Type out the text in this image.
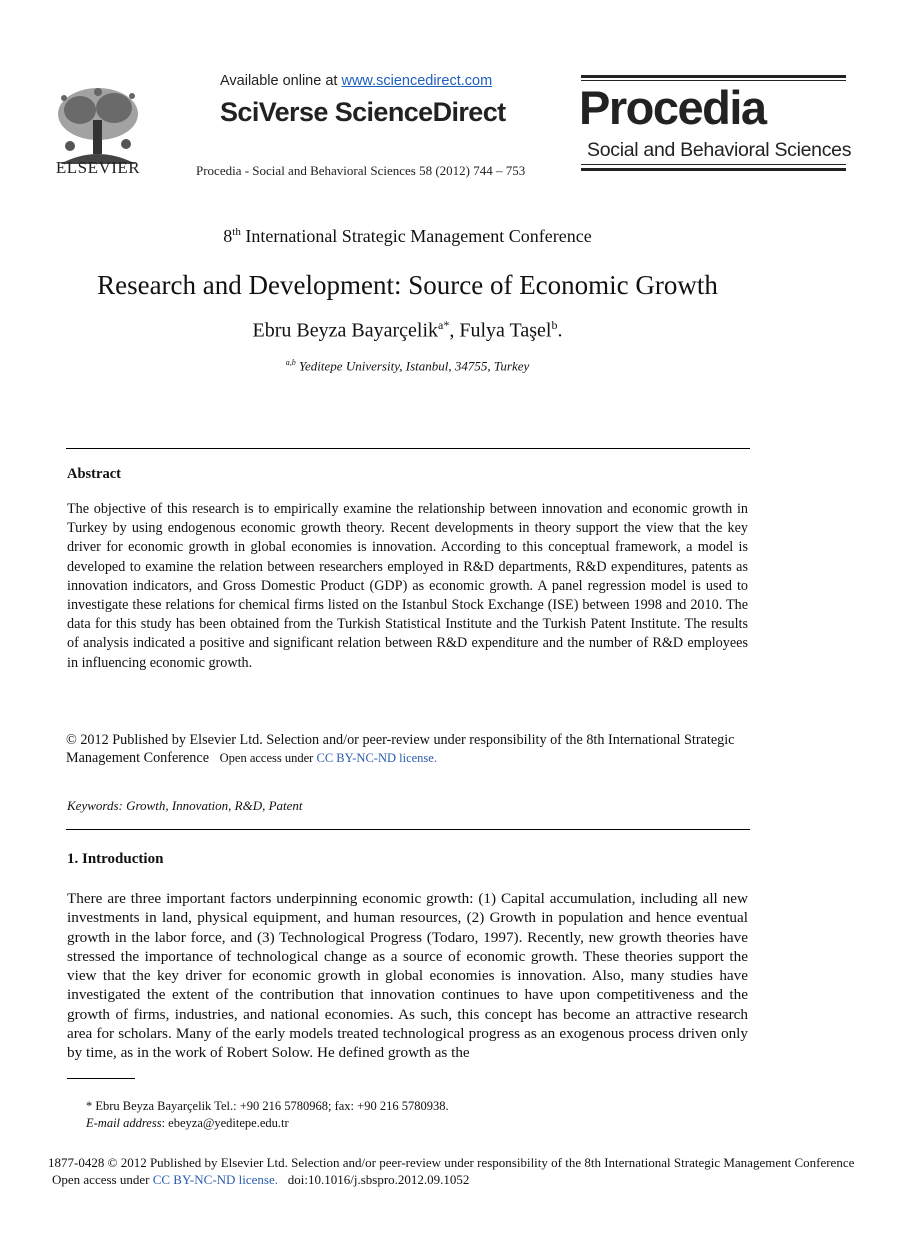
ELSEVIER
Available online at www.sciencedirect.com
SciVerse ScienceDirect
Procedia - Social and Behavioral Sciences 58 (2012) 744 – 753
Procedia
Social and Behavioral Sciences
8th International Strategic Management Conference
Research and Development: Source of Economic Growth
Ebru Beyza Bayarçelik$^{a*}$, Fulya Taşel$^b$.
$^{a,b}$ Yeditepe University, Istanbul, 34755, Turkey
Abstract
The objective of this research is to empirically examine the relationship between innovation and economic growth in Turkey by using endogenous economic growth theory. Recent developments in theory support the view that the key driver for economic growth in global economies is innovation. According to this conceptual framework, a model is developed to examine the relation between researchers employed in R&D departments, R&D expenditures, patents as innovation indicators, and Gross Domestic Product (GDP) as economic growth. A panel regression model is used to investigate these relations for chemical firms listed on the Istanbul Stock Exchange (ISE) between 1998 and 2010. The data for this study has been obtained from the Turkish Statistical Institute and the Turkish Patent Institute. The results of analysis indicated a positive and significant relation between R&D expenditure and the number of R&D employees in influencing economic growth.
© 2012 Published by Elsevier Ltd. Selection and/or peer-review under responsibility of the 8th International Strategic Management Conference Open access under CC BY-NC-ND license.
Keywords: Growth, Innovation, R&D, Patent
1. Introduction
There are three important factors underpinning economic growth: (1) Capital accumulation, including all new investments in land, physical equipment, and human resources, (2) Growth in population and hence eventual growth in the labor force, and (3) Technological Progress (Todaro, 1997). Recently, new growth theories have stressed the importance of technological change as a source of economic growth. These theories support the view that the key driver for economic growth in global economies is innovation. Also, many studies have investigated the extent of the contribution that innovation continues to have upon competitiveness and the growth of firms, industries, and national economies. As such, this concept has become an attractive research area for scholars. Many of the early models treated technological progress as an exogenous process driven only by time, as in the work of Robert Solow. He defined growth as the
* Ebru Beyza Bayarçelik Tel.: +90 216 5780968; fax: +90 216 5780938.
E-mail address: ebeyza@yeditepe.edu.tr
1877-0428 © 2012 Published by Elsevier Ltd. Selection and/or peer-review under responsibility of the 8th International Strategic Management Conference
Open access under CC BY-NC-ND license. doi:10.1016/j.sbspro.2012.09.1052
